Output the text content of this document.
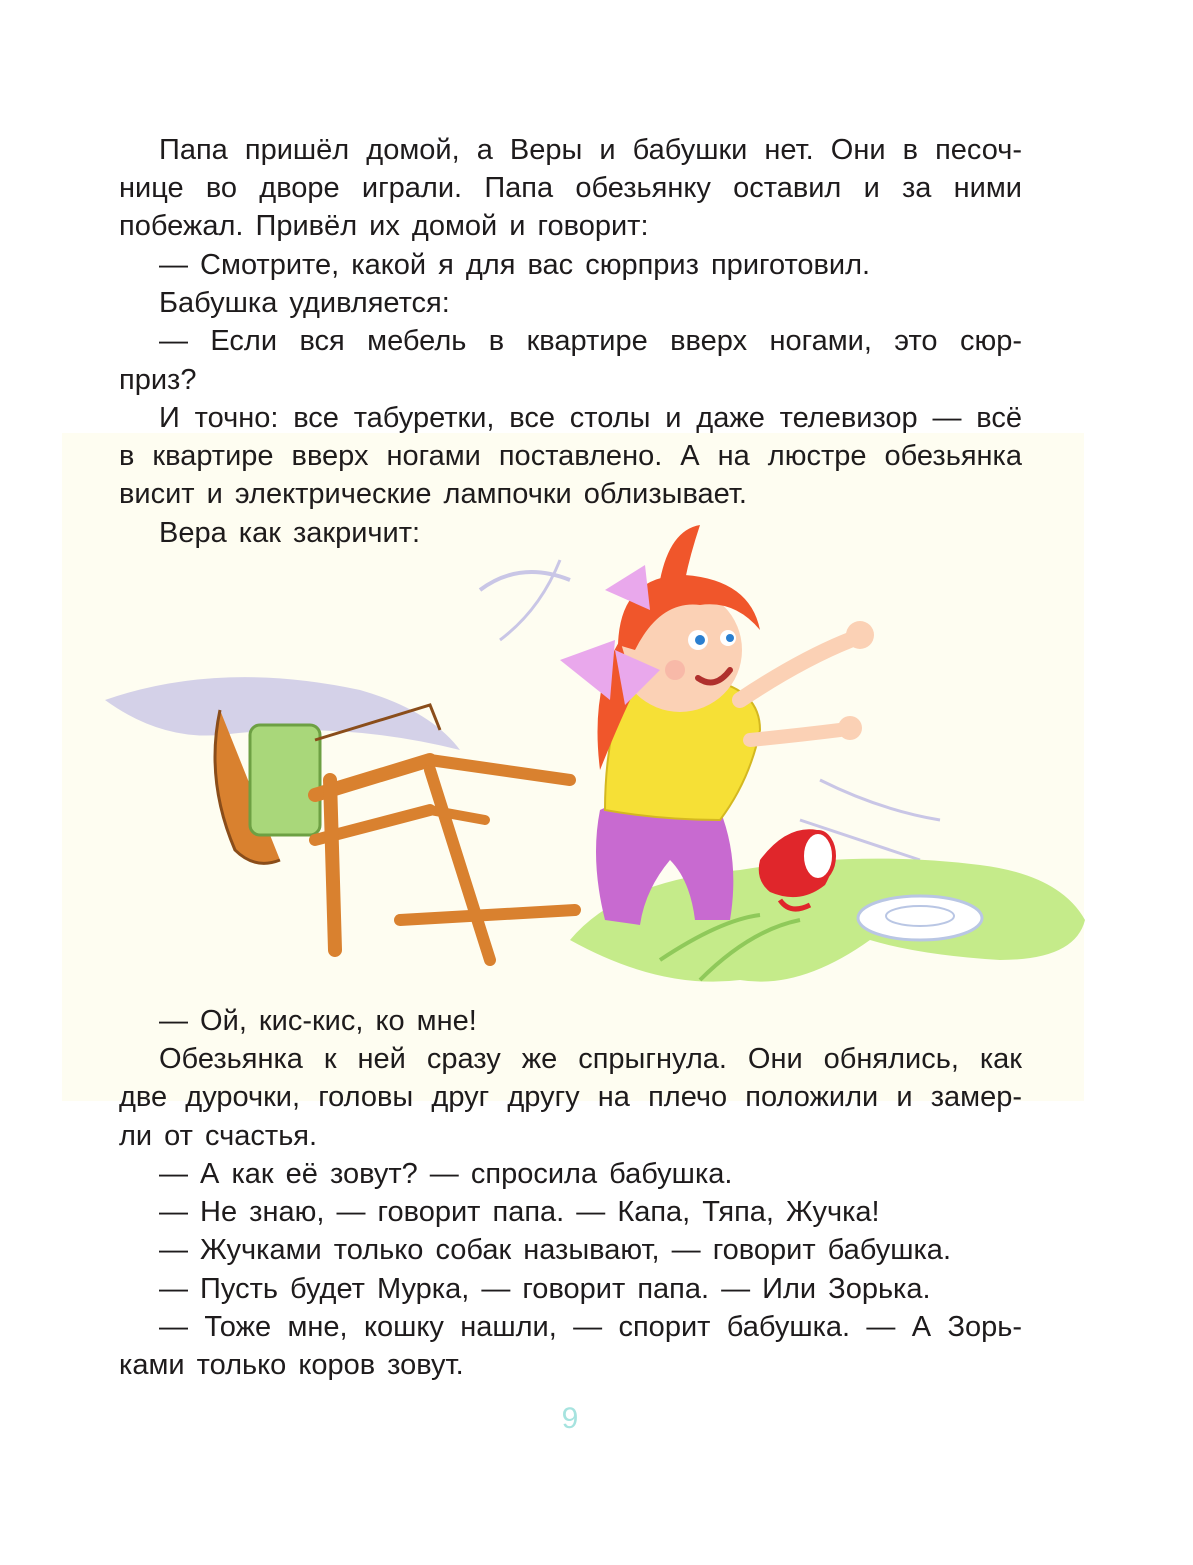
Папа пришёл домой, а Веры и бабушки нет. Они в песоч-
нице во дворе играли. Папа обезьянку оставил и за ними
побежал. Привёл их домой и говорит:
— Смотрите, какой я для вас сюрприз приготовил.
Бабушка удивляется:
— Если вся мебель в квартире вверх ногами, это сюр-
приз?
И точно: все табуретки, все столы и даже телевизор — всё
в квартире вверх ногами поставлено. А на люстре обезьянка
висит и электрические лампочки облизывает.
Вера как закричит:
— Ой, кис-кис, ко мне!
Обезьянка к ней сразу же спрыгнула. Они обнялись, как
две дурочки, головы друг другу на плечо положили и замер-
ли от счастья.
— А как её зовут? — спросила бабушка.
— Не знаю, — говорит папа. — Капа, Тяпа, Жучка!
— Жучками только собак называют, — говорит бабушка.
— Пусть будет Мурка, — говорит папа. — Или Зорька.
— Тоже мне, кошку нашли, — спорит бабушка. — А Зорь-
ками только коров зовут.
9
